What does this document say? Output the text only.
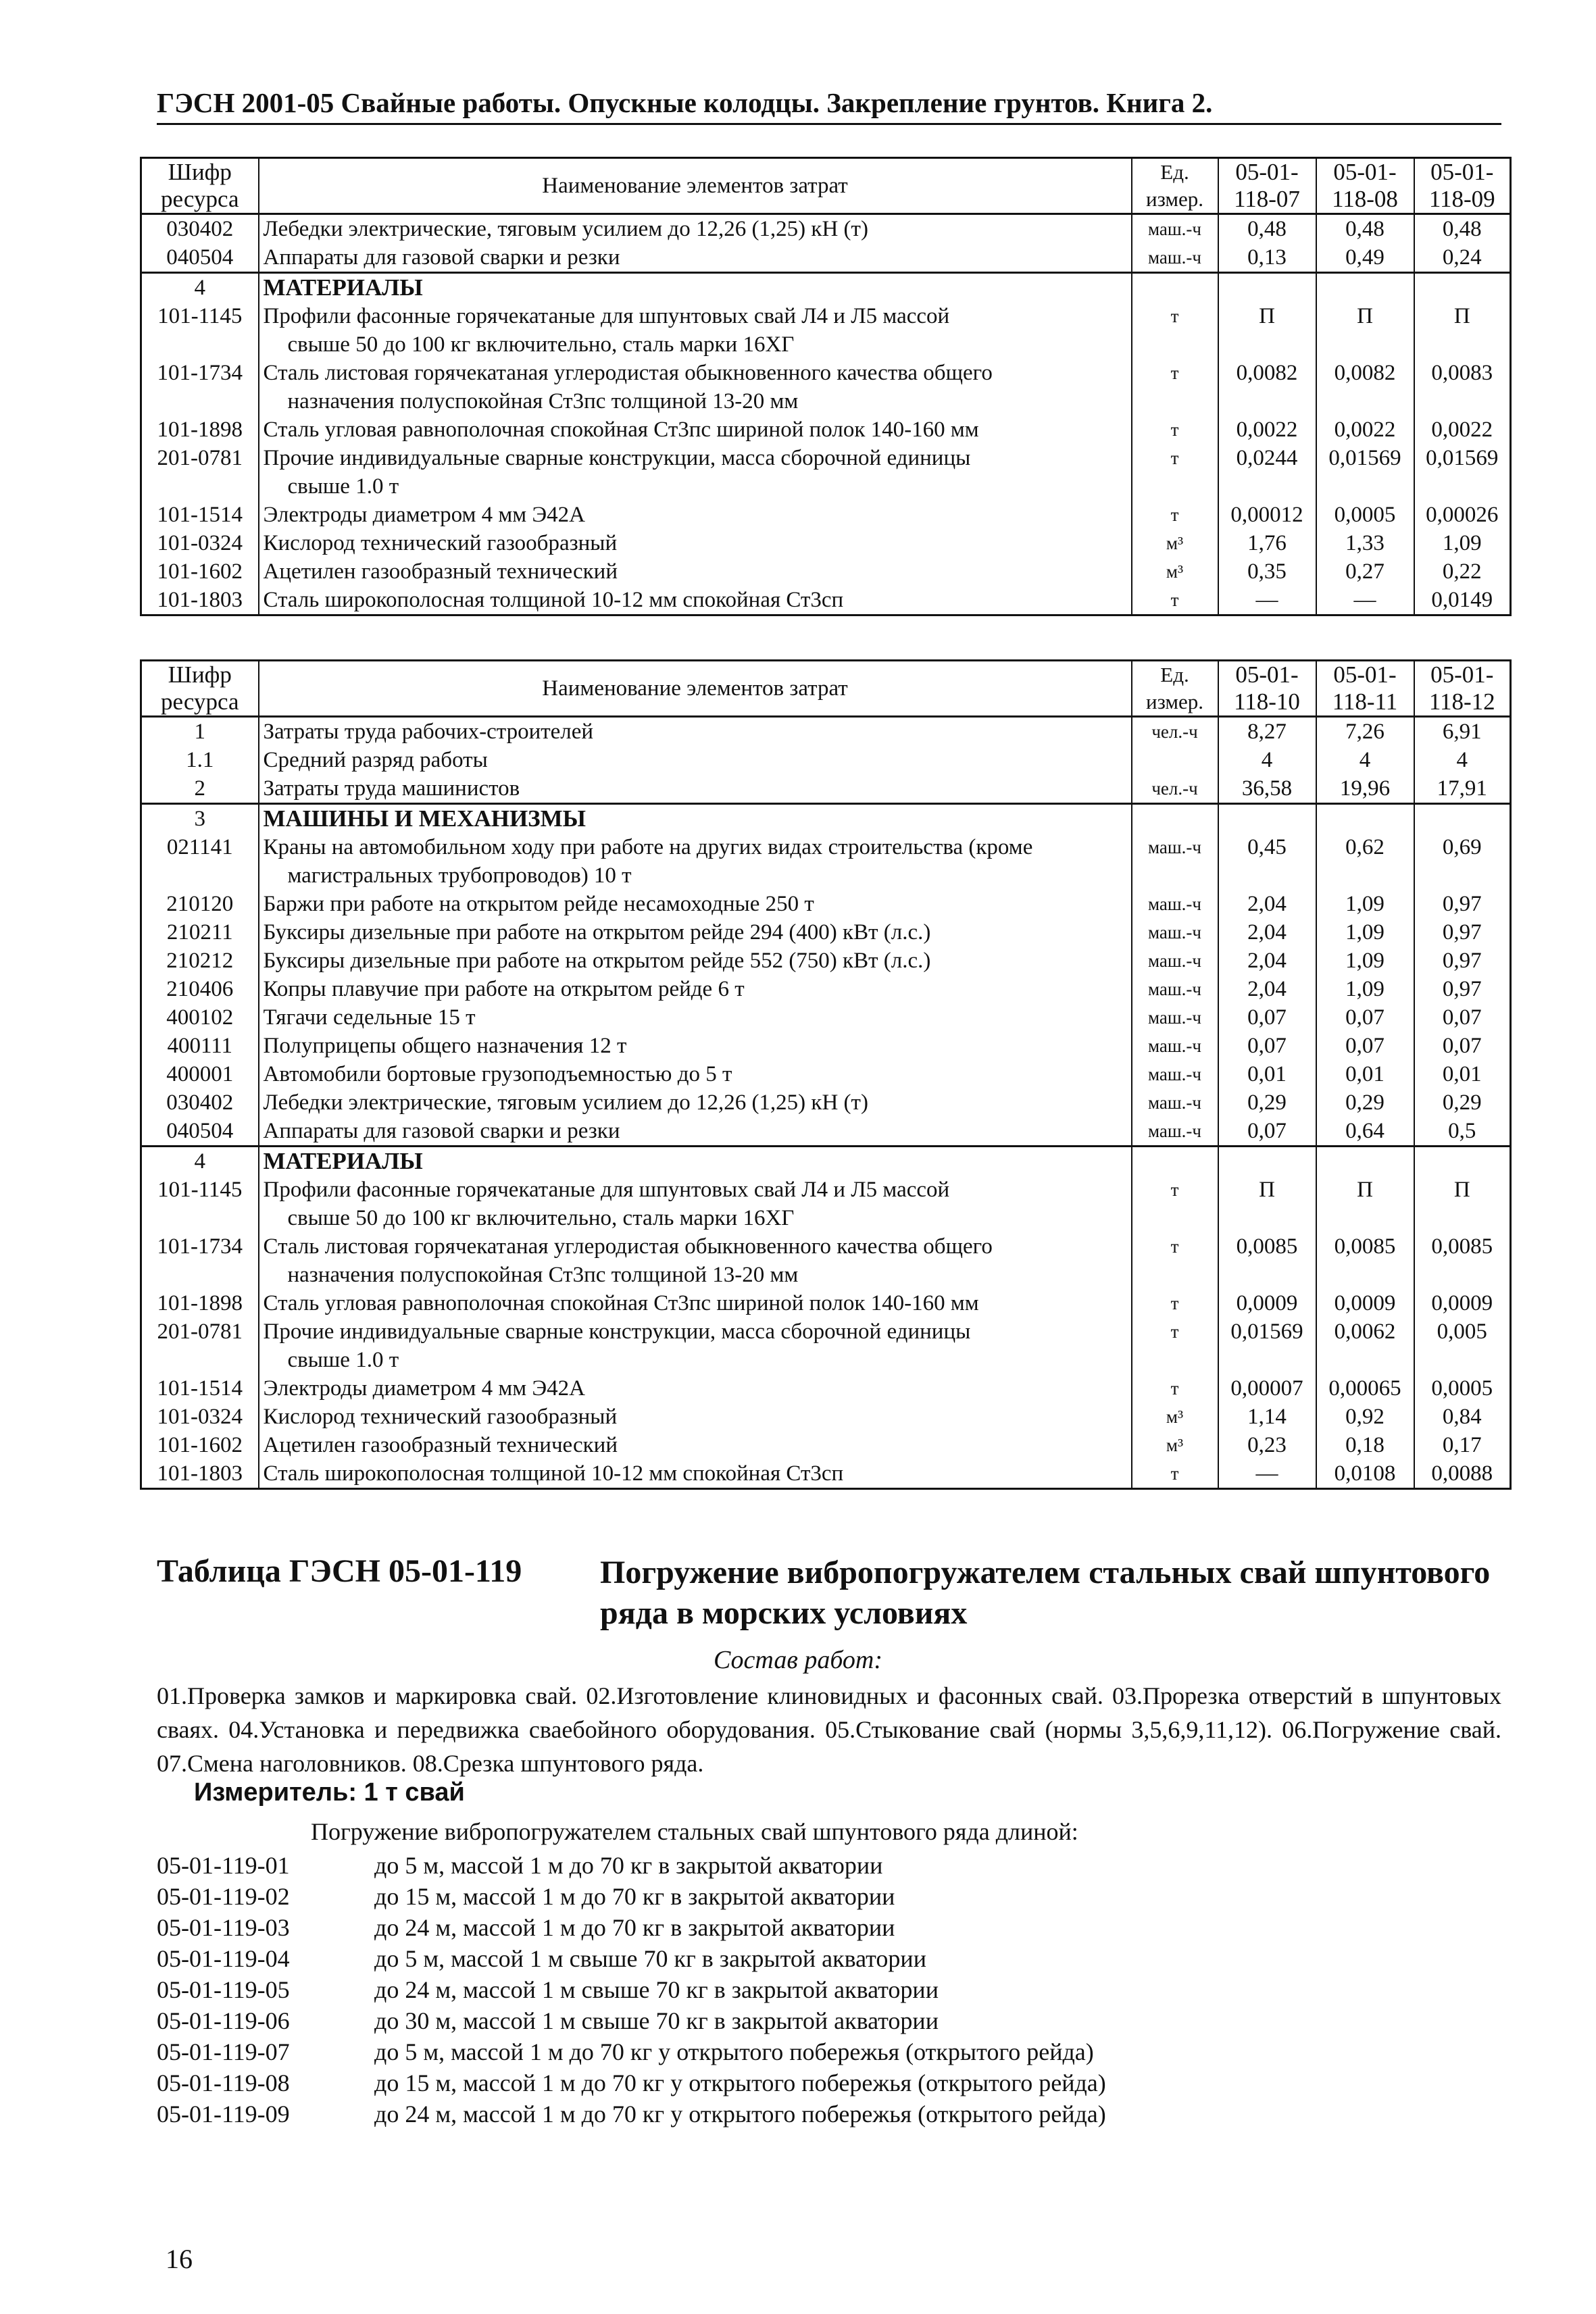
ГЭСН 2001-05 Свайные работы. Опускные колодцы. Закрепление грунтов. Книга 2.
Шифр ресурса	Наименование элементов затрат	Ед. измер.	05-01- 118-07	05-01- 118-08	05-01- 118-09
030402	Лебедки электрические, тяговым усилием до 12,26 (1,25) кН (т)	маш.-ч	0,48	0,48	0,48
040504	Аппараты для газовой сварки и резки	маш.-ч	0,13	0,49	0,24
4	МАТЕРИАЛЫ				
101-1145	Профили фасонные горячекатаные для шпунтовых свай Л4 и Л5 массой
свыше 50 до 100 кг включительно, сталь марки 16ХГ	т	П	П	П
101-1734	Сталь листовая горячекатаная углеродистая обыкновенного качества общего
назначения полуспокойная Ст3пс толщиной 13-20 мм	т	0,0082	0,0082	0,0083
101-1898	Сталь угловая равнополочная спокойная Ст3пс шириной полок 140-160 мм	т	0,0022	0,0022	0,0022
201-0781	Прочие индивидуальные сварные конструкции, масса сборочной единицы
свыше 1.0 т	т	0,0244	0,01569	0,01569
101-1514	Электроды диаметром 4 мм Э42А	т	0,00012	0,0005	0,00026
101-0324	Кислород технический газообразный	м³	1,76	1,33	1,09
101-1602	Ацетилен газообразный технический	м³	0,35	0,27	0,22
101-1803	Сталь широкополосная толщиной 10-12 мм спокойная Ст3сп	т	—	—	0,0149
Шифр ресурса	Наименование элементов затрат	Ед. измер.	05-01- 118-10	05-01- 118-11	05-01- 118-12
1	Затраты труда рабочих-строителей	чел.-ч	8,27	7,26	6,91
1.1	Средний разряд работы		4	4	4
2	Затраты труда машинистов	чел.-ч	36,58	19,96	17,91
3	МАШИНЫ И МЕХАНИЗМЫ				
021141	Краны на автомобильном ходу при работе на других видах строительства (кроме
магистральных трубопроводов) 10 т	маш.-ч	0,45	0,62	0,69
210120	Баржи при работе на открытом рейде несамоходные 250 т	маш.-ч	2,04	1,09	0,97
210211	Буксиры дизельные при работе на открытом рейде 294 (400) кВт (л.с.)	маш.-ч	2,04	1,09	0,97
210212	Буксиры дизельные при работе на открытом рейде 552 (750) кВт (л.с.)	маш.-ч	2,04	1,09	0,97
210406	Копры плавучие при работе на открытом рейде 6 т	маш.-ч	2,04	1,09	0,97
400102	Тягачи седельные 15 т	маш.-ч	0,07	0,07	0,07
400111	Полуприцепы общего назначения 12 т	маш.-ч	0,07	0,07	0,07
400001	Автомобили бортовые грузоподъемностью до 5 т	маш.-ч	0,01	0,01	0,01
030402	Лебедки электрические, тяговым усилием до 12,26 (1,25) кН (т)	маш.-ч	0,29	0,29	0,29
040504	Аппараты для газовой сварки и резки	маш.-ч	0,07	0,64	0,5
4	МАТЕРИАЛЫ				
101-1145	Профили фасонные горячекатаные для шпунтовых свай Л4 и Л5 массой
свыше 50 до 100 кг включительно, сталь марки 16ХГ	т	П	П	П
101-1734	Сталь листовая горячекатаная углеродистая обыкновенного качества общего
назначения полуспокойная Ст3пс толщиной 13-20 мм	т	0,0085	0,0085	0,0085
101-1898	Сталь угловая равнополочная спокойная Ст3пс шириной полок 140-160 мм	т	0,0009	0,0009	0,0009
201-0781	Прочие индивидуальные сварные конструкции, масса сборочной единицы
свыше 1.0 т	т	0,01569	0,0062	0,005
101-1514	Электроды диаметром 4 мм Э42А	т	0,00007	0,00065	0,0005
101-0324	Кислород технический газообразный	м³	1,14	0,92	0,84
101-1602	Ацетилен газообразный технический	м³	0,23	0,18	0,17
101-1803	Сталь широкополосная толщиной 10-12 мм спокойная Ст3сп	т	—	0,0108	0,0088
Таблица ГЭСН 05-01-119 Погружение вибропогружателем стальных свай шпунтового ряда в морских условиях
Состав работ:
01.Проверка замков и маркировка свай. 02.Изготовление клиновидных и фасонных свай. 03.Прорезка отверстий в шпунтовых сваях. 04.Установка и передвижка сваебойного оборудования. 05.Стыкование свай (нормы 3,5,6,9,11,12). 06.Погружение свай. 07.Смена наголовников. 08.Срезка шпунтового ряда.
Измеритель: 1 т свай
Погружение вибропогружателем стальных свай шпунтового ряда длиной:
05-01-119-01	до 5 м, массой 1 м до 70 кг в закрытой акватории
05-01-119-02	до 15 м, массой 1 м до 70 кг в закрытой акватории
05-01-119-03	до 24 м, массой 1 м до 70 кг в закрытой акватории
05-01-119-04	до 5 м, массой 1 м свыше 70 кг в закрытой акватории
05-01-119-05	до 24 м, массой 1 м свыше 70 кг в закрытой акватории
05-01-119-06	до 30 м, массой 1 м свыше 70 кг в закрытой акватории
05-01-119-07	до 5 м, массой 1 м до 70 кг у открытого побережья (открытого рейда)
05-01-119-08	до 15 м, массой 1 м до 70 кг у открытого побережья (открытого рейда)
05-01-119-09	до 24 м, массой 1 м до 70 кг у открытого побережья (открытого рейда)
16
